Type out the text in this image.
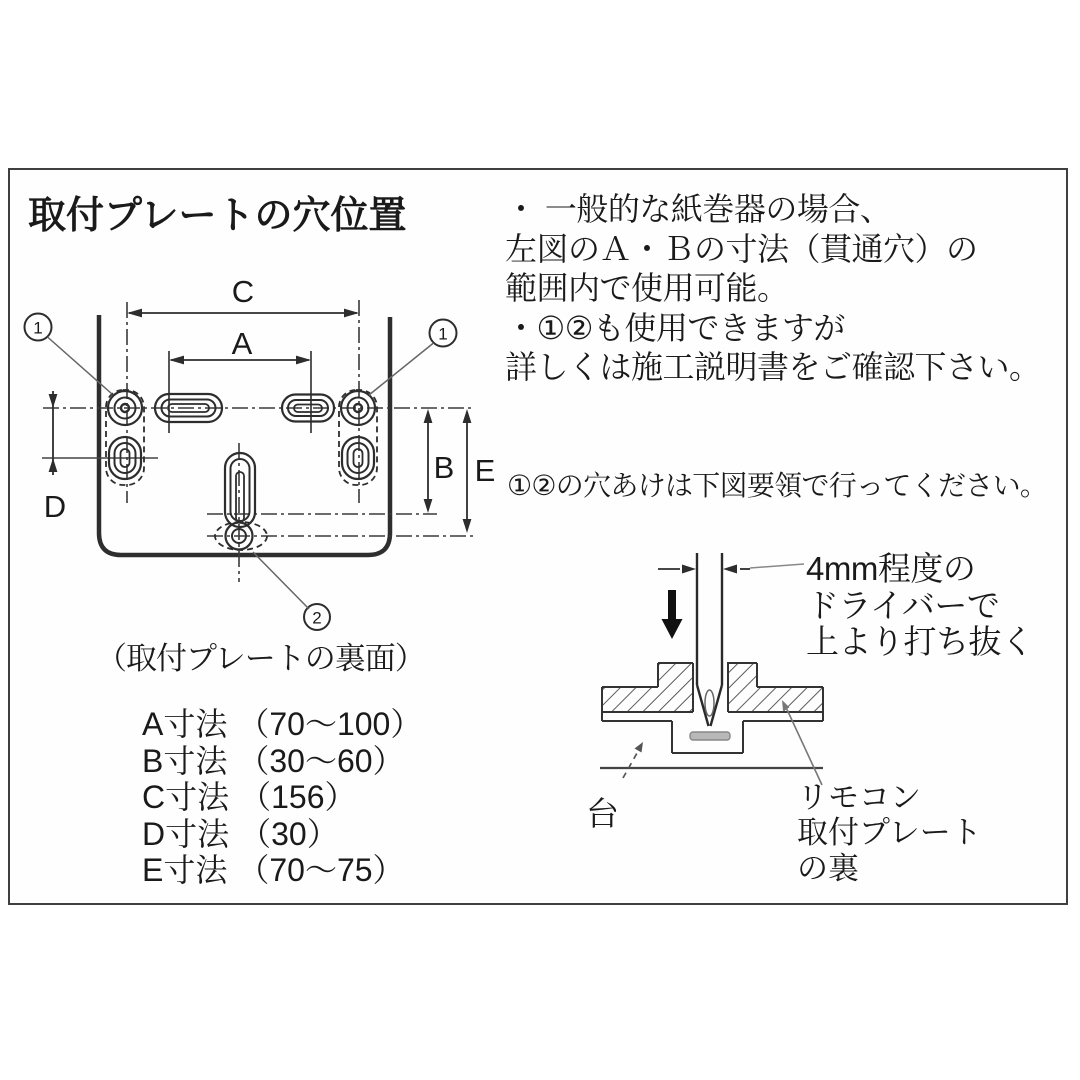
取付プレートの穴位置	・ 一般的な紙巻器の場合、
左図のＡ・Ｂの寸法（貫通穴）の
範囲内で使用可能。
・①②も使用できますが
詳しくは施工説明書をご確認下さい。
①②の穴あけは下図要領で行ってください。
C
A
B E
D
1	1
2
（取付プレートの裏面）
A寸法 （70〜100）
B寸法 （30〜60）
C寸法 （156）
D寸法 （30）
E寸法 （70〜75）
4mm程度の
ドライバーで
上より打ち抜く
台	リモコン
取付プレート
の裏
